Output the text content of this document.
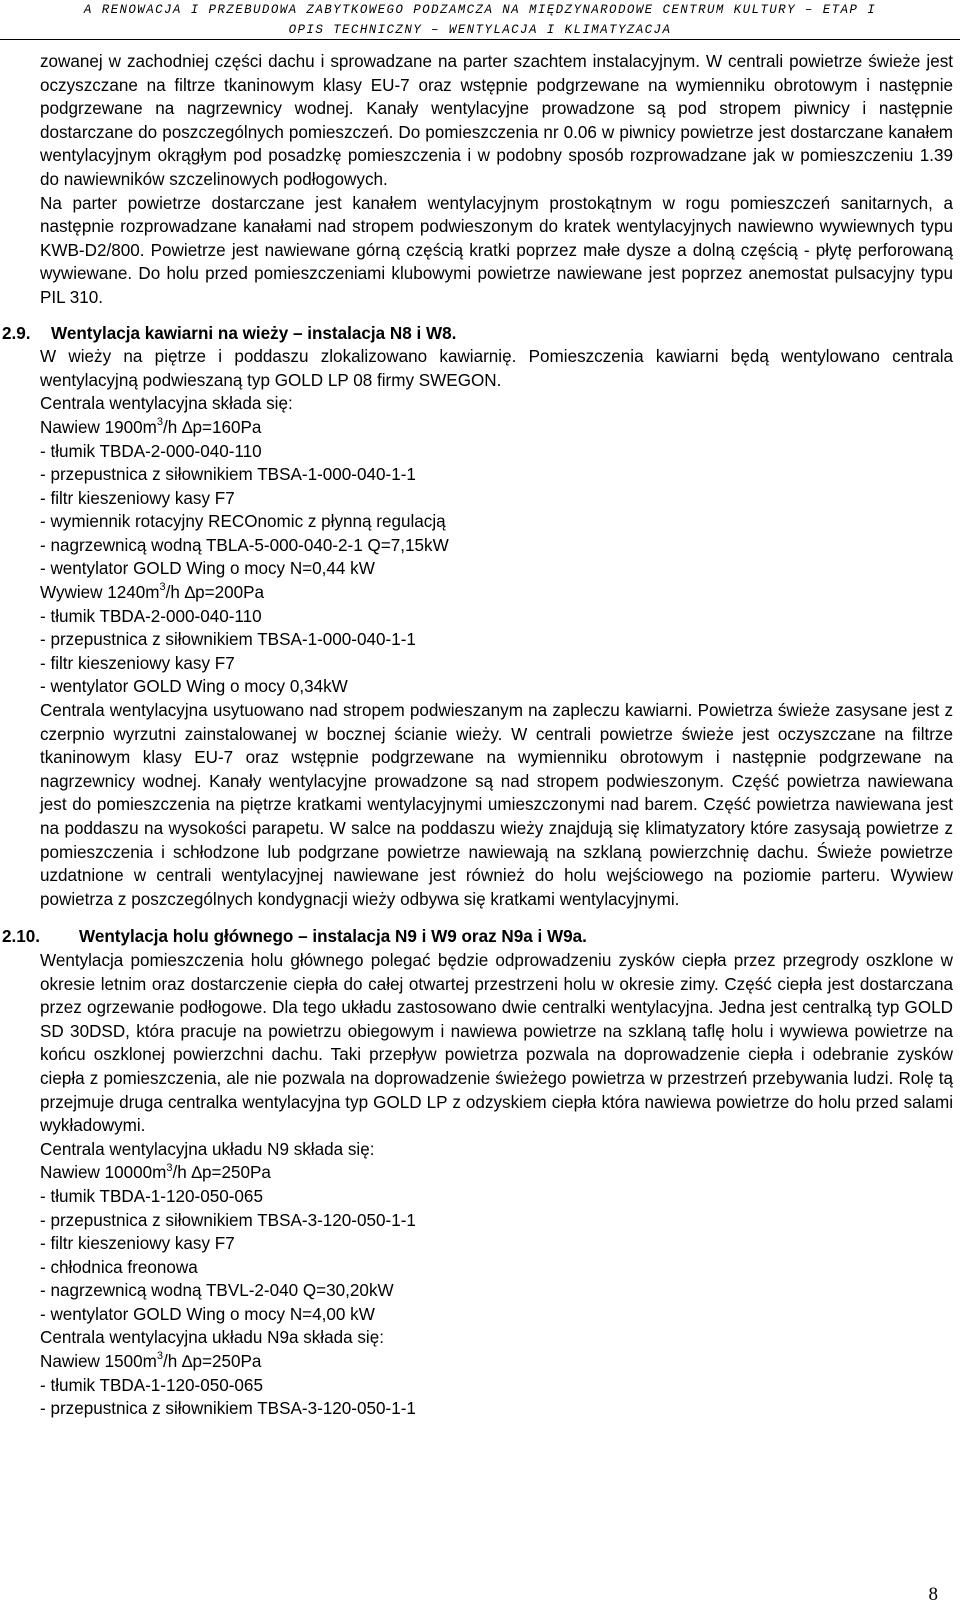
A RENOWACJA I PRZEBUDOWA ZABYTKOWEGO PODZAMCZA NA MIĘDZYNARODOWE CENTRUM KULTURY – ETAP I
OPIS TECHNICZNY – WENTYLACJA I KLIMATYZACJA

zowanej w zachodniej części dachu i sprowadzane na parter szachtem instalacyjnym. W centrali powietrze świeże jest oczyszczane na filtrze tkaninowym klasy EU-7 oraz wstępnie podgrzewane na wymienniku obrotowym i następnie podgrzewane na nagrzewnicy wodnej. Kanały wentylacyjne prowadzone są pod stropem piwnicy i następnie dostarczane do poszczególnych pomieszczeń. Do pomieszczenia nr 0.06 w piwnicy powietrze jest dostarczane kanałem wentylacyjnym okrągłym pod posadzkę pomieszczenia i w podobny sposób rozprowadzane jak w pomieszczeniu 1.39 do nawiewników szczelinowych podłogowych.

Na parter powietrze dostarczane jest kanałem wentylacyjnym prostokątnym w rogu pomieszczeń sanitarnych, a następnie rozprowadzane kanałami nad stropem podwieszonym do kratek wentylacyjnych nawiewno wywiewnych typu KWB-D2/800. Powietrze jest nawiewane górną częścią kratki poprzez małe dysze a dolną częścią - płytę perforowaną wywiewane. Do holu przed pomieszczeniami klubowymi powietrze nawiewane jest poprzez anemostat pulsacyjny typu PIL 310.

2.9.	Wentylacja kawiarni na wieży – instalacja N8 i W8.

W wieży na piętrze i poddaszu zlokalizowano kawiarnię. Pomieszczenia kawiarni będą wentylowano centrala wentylacyjną podwieszaną typ GOLD LP 08 firmy SWEGON.

Centrala wentylacyjna składa się:
Nawiew $1900m^3/h$ ∆p=160Pa
- tłumik TBDA-2-000-040-110
- przepustnica z siłownikiem TBSA-1-000-040-1-1
- filtr kieszeniowy kasy F7
- wymiennik rotacyjny RECOnomic z płynną regulacją
- nagrzewnicą wodną TBLA-5-000-040-2-1 Q=7,15kW
- wentylator GOLD Wing o mocy N=0,44 kW
Wywiew $1240m^3/h$ ∆p=200Pa
- tłumik TBDA-2-000-040-110
- przepustnica z siłownikiem TBSA-1-000-040-1-1
- filtr kieszeniowy kasy F7
- wentylator GOLD Wing o mocy 0,34kW

Centrala wentylacyjna usytuowano nad stropem podwieszanym na zapleczu kawiarni. Powietrza świeże zasysane jest z czerpnio wyrzutni zainstalowanej w bocznej ścianie wieży. W centrali powietrze świeże jest oczyszczane na filtrze tkaninowym klasy EU-7 oraz wstępnie podgrzewane na wymienniku obrotowym i następnie podgrzewane na nagrzewnicy wodnej. Kanały wentylacyjne prowadzone są nad stropem podwieszonym. Część powietrza nawiewana jest do pomieszczenia na piętrze kratkami wentylacyjnymi umieszczonymi nad barem. Część powietrza nawiewana jest na poddaszu na wysokości parapetu. W salce na poddaszu wieży znajdują się klimatyzatory które zasysają powietrze z pomieszczenia i schłodzone lub podgrzane powietrze nawiewają na szklaną powierzchnię dachu. Świeże powietrze uzdatnione w centrali wentylacyjnej nawiewane jest również do holu wejściowego na poziomie parteru. Wywiew powietrza z poszczególnych kondygnacji wieży odbywa się kratkami wentylacyjnymi.

2.10.	Wentylacja holu głównego – instalacja N9 i W9 oraz N9a i W9a.

Wentylacja pomieszczenia holu głównego polegać będzie odprowadzeniu zysków ciepła przez przegrody oszklone w okresie letnim oraz dostarczenie ciepła do całej otwartej przestrzeni holu w okresie zimy. Część ciepła jest dostarczana przez ogrzewanie podłogowe. Dla tego układu zastosowano dwie centralki wentylacyjna. Jedna jest centralką typ GOLD SD 30DSD, która pracuje na powietrzu obiegowym i nawiewa powietrze na szklaną taflę holu i wywiewa powietrze na końcu oszklonej powierzchni dachu. Taki przepływ powietrza pozwala na doprowadzenie ciepła i odebranie zysków ciepła z pomieszczenia, ale nie pozwala na doprowadzenie świeżego powietrza w przestrzeń przebywania ludzi. Rolę tą przejmuje druga centralka wentylacyjna typ GOLD LP z odzyskiem ciepła która nawiewa powietrze do holu przed salami wykładowymi.

Centrala wentylacyjna układu N9 składa się:
Nawiew $10000m^3/h$ ∆p=250Pa
- tłumik TBDA-1-120-050-065
- przepustnica z siłownikiem TBSA-3-120-050-1-1
- filtr kieszeniowy kasy F7
- chłodnica freonowa
- nagrzewnicą wodną TBVL-2-040 Q=30,20kW
- wentylator GOLD Wing o mocy N=4,00 kW
Centrala wentylacyjna układu N9a składa się:
Nawiew $1500m^3/h$ ∆p=250Pa
- tłumik TBDA-1-120-050-065
- przepustnica z siłownikiem TBSA-3-120-050-1-1
8
